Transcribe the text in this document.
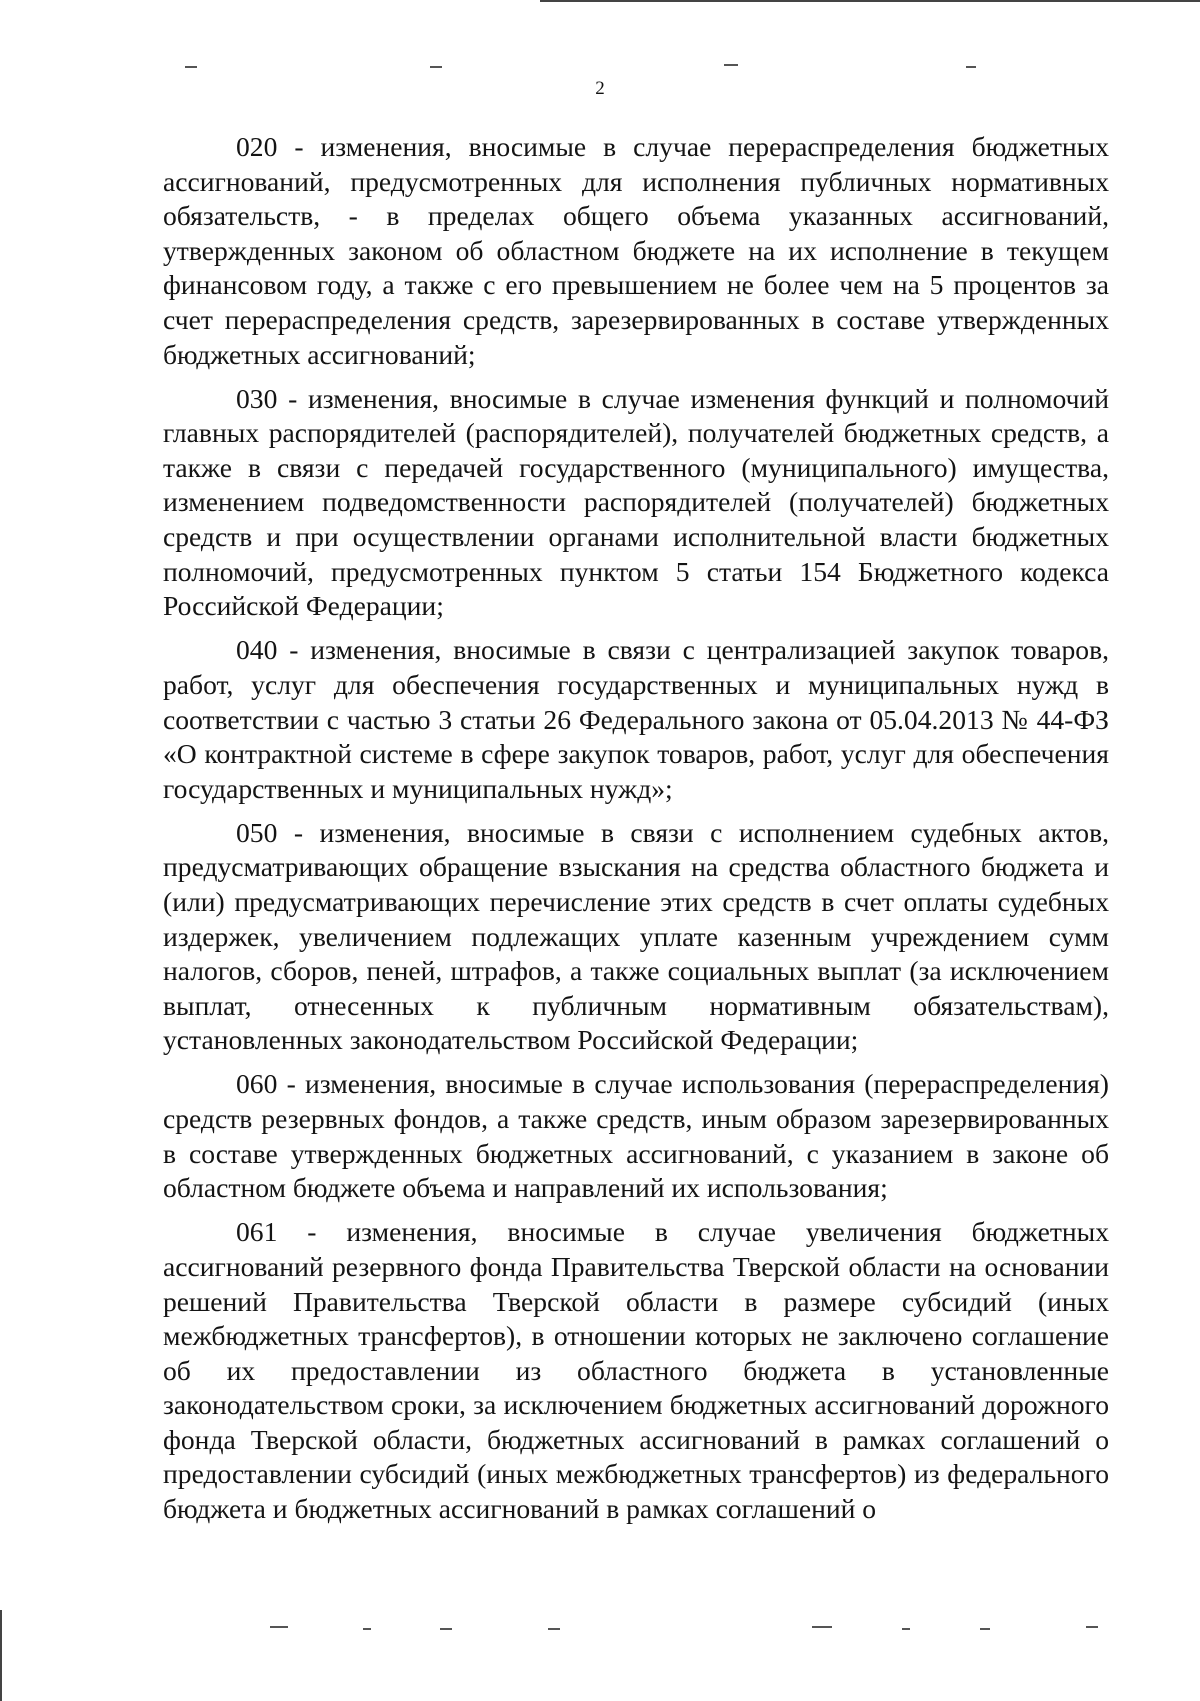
2

020 - изменения, вносимые в случае перераспределения бюджетных ассигнований, предусмотренных для исполнения публичных нормативных обязательств, - в пределах общего объема указанных ассигнований, утвержденных законом об областном бюджете на их исполнение в текущем финансовом году, а также с его превышением не более чем на 5 процентов за счет перераспределения средств, зарезервированных в составе утвержденных бюджетных ассигнований;

030 - изменения, вносимые в случае изменения функций и полномочий главных распорядителей (распорядителей), получателей бюджетных средств, а также в связи с передачей государственного (муниципального) имущества, изменением подведомственности распорядителей (получателей) бюджетных средств и при осуществлении органами исполнительной власти бюджетных полномочий, предусмотренных пунктом 5 статьи 154 Бюджетного кодекса Российской Федерации;

040 - изменения, вносимые в связи с централизацией закупок товаров, работ, услуг для обеспечения государственных и муниципальных нужд в соответствии с частью 3 статьи 26 Федерального закона от 05.04.2013 № 44-ФЗ «О контрактной системе в сфере закупок товаров, работ, услуг для обеспечения государственных и муниципальных нужд»;

050 - изменения, вносимые в связи с исполнением судебных актов, предусматривающих обращение взыскания на средства областного бюджета и (или) предусматривающих перечисление этих средств в счет оплаты судебных издержек, увеличением подлежащих уплате казенным учреждением сумм налогов, сборов, пеней, штрафов, а также социальных выплат (за исключением выплат, отнесенных к публичным нормативным обязательствам), установленных законодательством Российской Федерации;

060 - изменения, вносимые в случае использования (перераспределения) средств резервных фондов, а также средств, иным образом зарезервированных в составе утвержденных бюджетных ассигнований, с указанием в законе об областном бюджете объема и направлений их использования;

061 - изменения, вносимые в случае увеличения бюджетных ассигнований резервного фонда Правительства Тверской области на основании решений Правительства Тверской области в размере субсидий (иных межбюджетных трансфертов), в отношении которых не заключено соглашение об их предоставлении из областного бюджета в установленные законодательством сроки, за исключением бюджетных ассигнований дорожного фонда Тверской области, бюджетных ассигнований в рамках соглашений о предоставлении субсидий (иных межбюджетных трансфертов) из федерального бюджета и бюджетных ассигнований в рамках соглашений о
